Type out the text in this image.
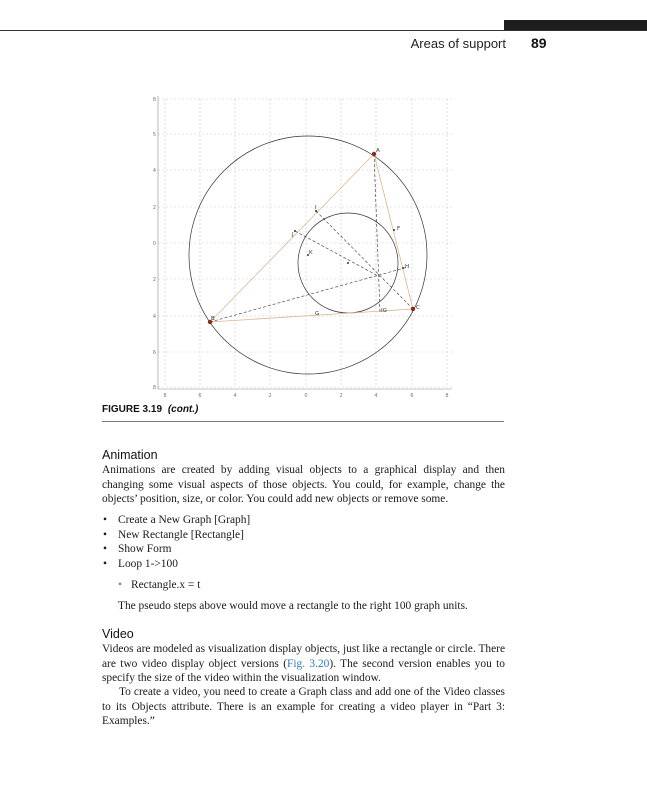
Areas of support 89
8
5
4
2
0
2
4
6
8
8	6	4	2	0	2	4	6	8
A
B
C
F
H
I
J
K
G	IG
FIGURE 3.19 (cont.)
Animation

Animations are created by adding visual objects to a graphical display and then changing some visual aspects of those objects. You could, for example, change the objects’ position, size, or color. You could add new objects or remove some.

• Create a New Graph [Graph]
• New Rectangle [Rectangle]
• Show Form
• Loop 1->100
• Rectangle.x = t
The pseudo steps above would move a rectangle to the right 100 graph units.
Video

Videos are modeled as visualization display objects, just like a rectangle or circle. There are two video display object versions (Fig. 3.20). The second version enables you to specify the size of the video within the visualization window.

To create a video, you need to create a Graph class and add one of the Video classes to its Objects attribute. There is an example for creating a video player in “Part 3: Examples.”
